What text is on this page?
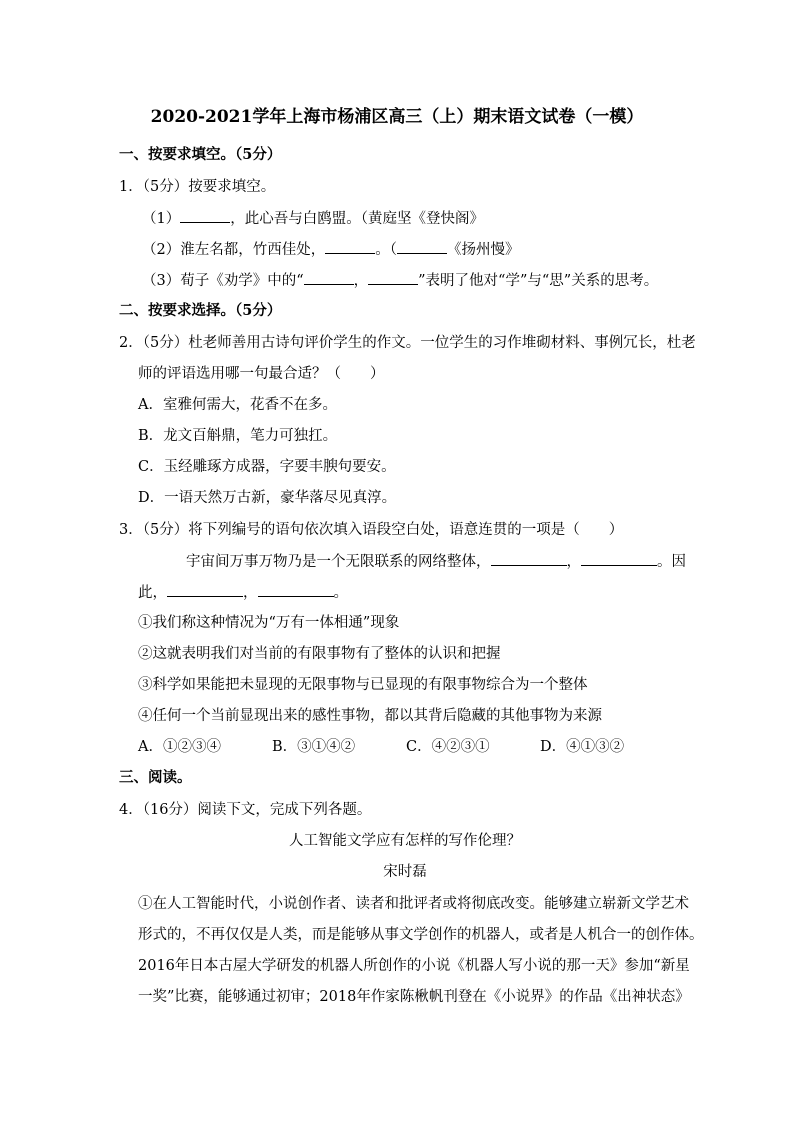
2020-2021学年上海市杨浦区高三（上）期末语文试卷（一模）
一、按要求填空。（5分）
1．（5分）按要求填空。
（1）	，此心吾与白鸥盟。（黄庭坚《登快阁》
（2）淮左名都，竹西佳处，	。（	《扬州慢》
（3）荀子《劝学》中的“	，	”表明了他对“学”与“思”关系的思考。
二、按要求选择。（5分）
2．（5分）杜老师善用古诗句评价学生的作文。一位学生的习作堆砌材料、事例冗长，杜老
师的评语选用哪一句最合适？（　　）
A．室雅何需大，花香不在多。
B．龙文百斛鼎，笔力可独扛。
C．玉经雕琢方成器，字要丰腴句要安。
D．一语天然万古新，豪华落尽见真淳。
3．（5分）将下列编号的语句依次填入语段空白处，语意连贯的一项是（　　）
宇宙间万事万物乃是一个无限联系的网络整体，	，	。因
此，	，	。
①我们称这种情况为“万有一体相通”现象
②这就表明我们对当前的有限事物有了整体的认识和把握
③科学如果能把未显现的无限事物与已显现的有限事物综合为一个整体
④任何一个当前显现出来的感性事物，都以其背后隐藏的其他事物为来源
A．①②③④	B．③①④②	C．④②③①	D．④①③②
三、阅读。
4．（16分）阅读下文，完成下列各题。
人工智能文学应有怎样的写作伦理？
宋时磊
①在人工智能时代，小说创作者、读者和批评者或将彻底改变。能够建立崭新文学艺术
形式的，不再仅仅是人类，而是能够从事文学创作的机器人，或者是人机合一的创作体。
2016年日本古屋大学研发的机器人所创作的小说《机器人写小说的那一天》参加“新星
一奖”比赛，能够通过初审；2018年作家陈楸帆刊登在《小说界》的作品《出神状态》
